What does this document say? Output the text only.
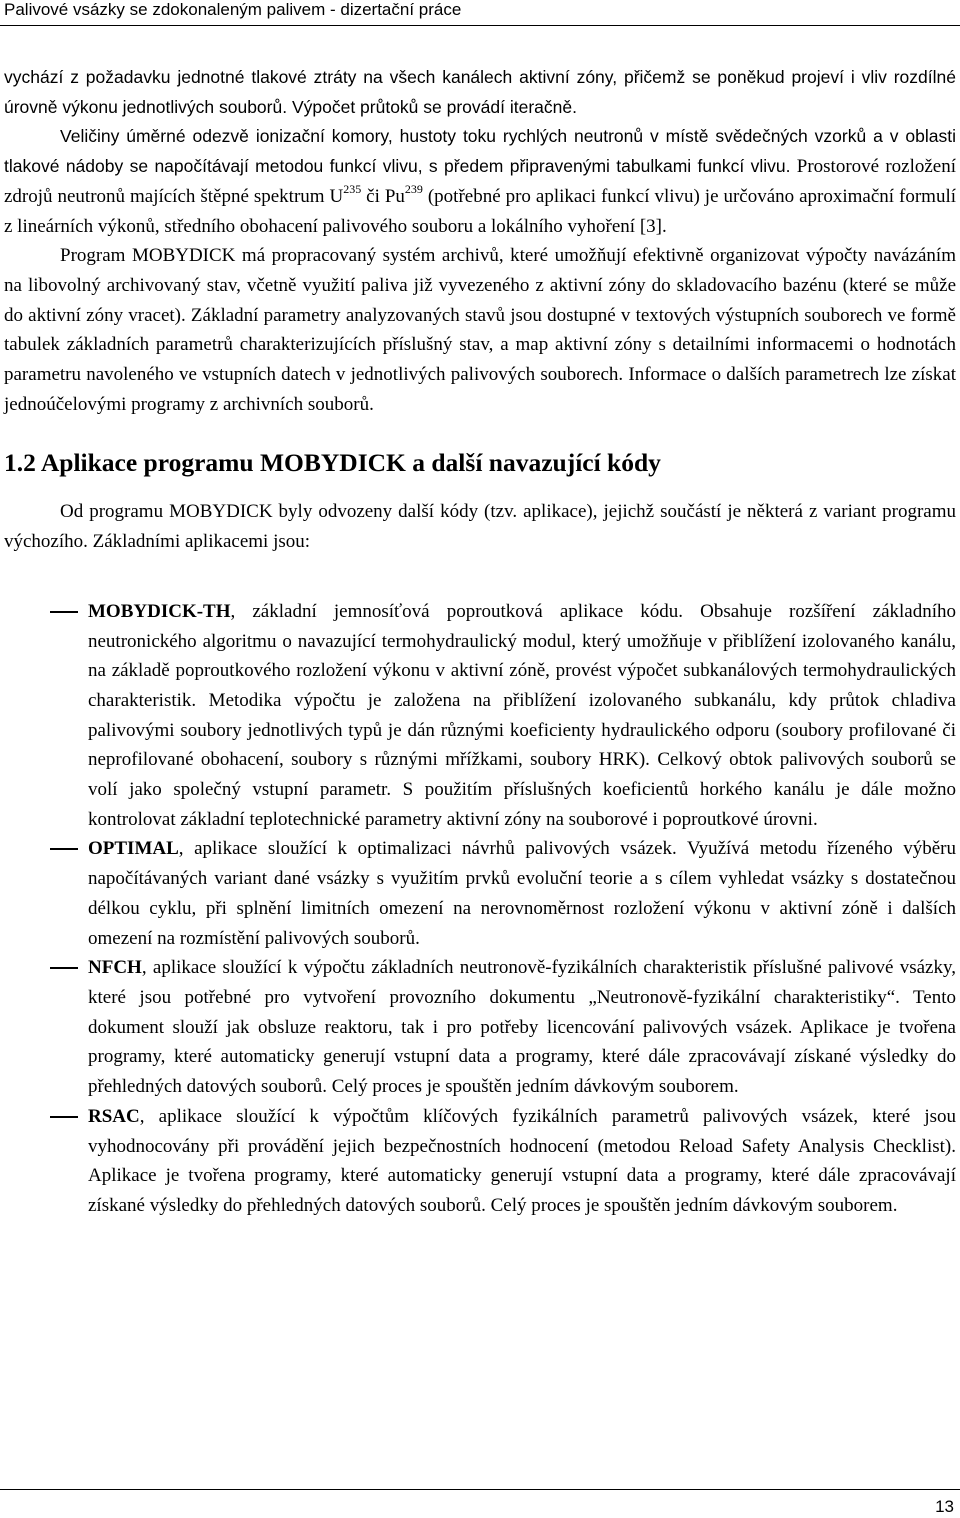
Palivové vsázky se zdokonaleným palivem - dizertační práce

vychází z požadavku jednotné tlakové ztráty na všech kanálech aktivní zóny, přičemž se poněkud projeví i vliv rozdílné úrovně výkonu jednotlivých souborů. Výpočet průtoků se provádí iteračně.

Veličiny úměrné odezvě ionizační komory, hustoty toku rychlých neutronů v místě svědečných vzorků a v oblasti tlakové nádoby se napočítávají metodou funkcí vlivu, s předem připravenými tabulkami funkcí vlivu. Prostorové rozložení zdrojů neutronů majících štěpné spektrum $U^{235}$ či Pu$^{239}$ (potřebné pro aplikaci funkcí vlivu) je určováno aproximační formulí z lineárních výkonů, středního obohacení palivového souboru a lokálního vyhoření [3].

Program MOBYDICK má propracovaný systém archivů, které umožňují efektivně organizovat výpočty navázáním na libovolný archivovaný stav, včetně využití paliva již vyvezeného z aktivní zóny do skladovacího bazénu (které se může do aktivní zóny vracet). Základní parametry analyzovaných stavů jsou dostupné v textových výstupních souborech ve formě tabulek základních parametrů charakterizujících příslušný stav, a map aktivní zóny s detailními informacemi o hodnotách parametru navoleného ve vstupních datech v jednotlivých palivových souborech. Informace o dalších parametrech lze získat jednoúčelovými programy z archivních souborů.

1.2 Aplikace programu MOBYDICK a další navazující kódy

Od programu MOBYDICK byly odvozeny další kódy (tzv. aplikace), jejichž součástí je některá z variant programu výchozího. Základními aplikacemi jsou:

MOBYDICK-TH, základní jemnosíťová poproutková aplikace kódu. Obsahuje rozšíření základního neutronického algoritmu o navazující termohydraulický modul, který umožňuje v přiblížení izolovaného kanálu, na základě poproutkového rozložení výkonu v aktivní zóně, provést výpočet subkanálových termohydraulických charakteristik. Metodika výpočtu je založena na přiblížení izolovaného subkanálu, kdy průtok chladiva palivovými soubory jednotlivých typů je dán různými koeficienty hydraulického odporu (soubory profilované či neprofilované obohacení, soubory s různými mřížkami, soubory HRK). Celkový obtok palivových souborů se volí jako společný vstupní parametr. S použitím příslušných koeficientů horkého kanálu je dále možno kontrolovat základní teplotechnické parametry aktivní zóny na souborové i poproutkové úrovni.
OPTIMAL, aplikace sloužící k optimalizaci návrhů palivových vsázek. Využívá metodu řízeného výběru napočítávaných variant dané vsázky s využitím prvků evoluční teorie a s cílem vyhledat vsázky s dostatečnou délkou cyklu, při splnění limitních omezení na nerovnoměrnost rozložení výkonu v aktivní zóně i dalších omezení na rozmístění palivových souborů.
NFCH, aplikace sloužící k výpočtu základních neutronově-fyzikálních charakteristik příslušné palivové vsázky, které jsou potřebné pro vytvoření provozního dokumentu „Neutronově-fyzikální charakteristiky“. Tento dokument slouží jak obsluze reaktoru, tak i pro potřeby licencování palivových vsázek. Aplikace je tvořena programy, které automaticky generují vstupní data a programy, které dále zpracovávají získané výsledky do přehledných datových souborů. Celý proces je spouštěn jedním dávkovým souborem.
RSAC, aplikace sloužící k výpočtům klíčových fyzikálních parametrů palivových vsázek, které jsou vyhodnocovány při provádění jejich bezpečnostních hodnocení (metodou Reload Safety Analysis Checklist). Aplikace je tvořena programy, které automaticky generují vstupní data a programy, které dále zpracovávají získané výsledky do přehledných datových souborů. Celý proces je spouštěn jedním dávkovým souborem.
13
